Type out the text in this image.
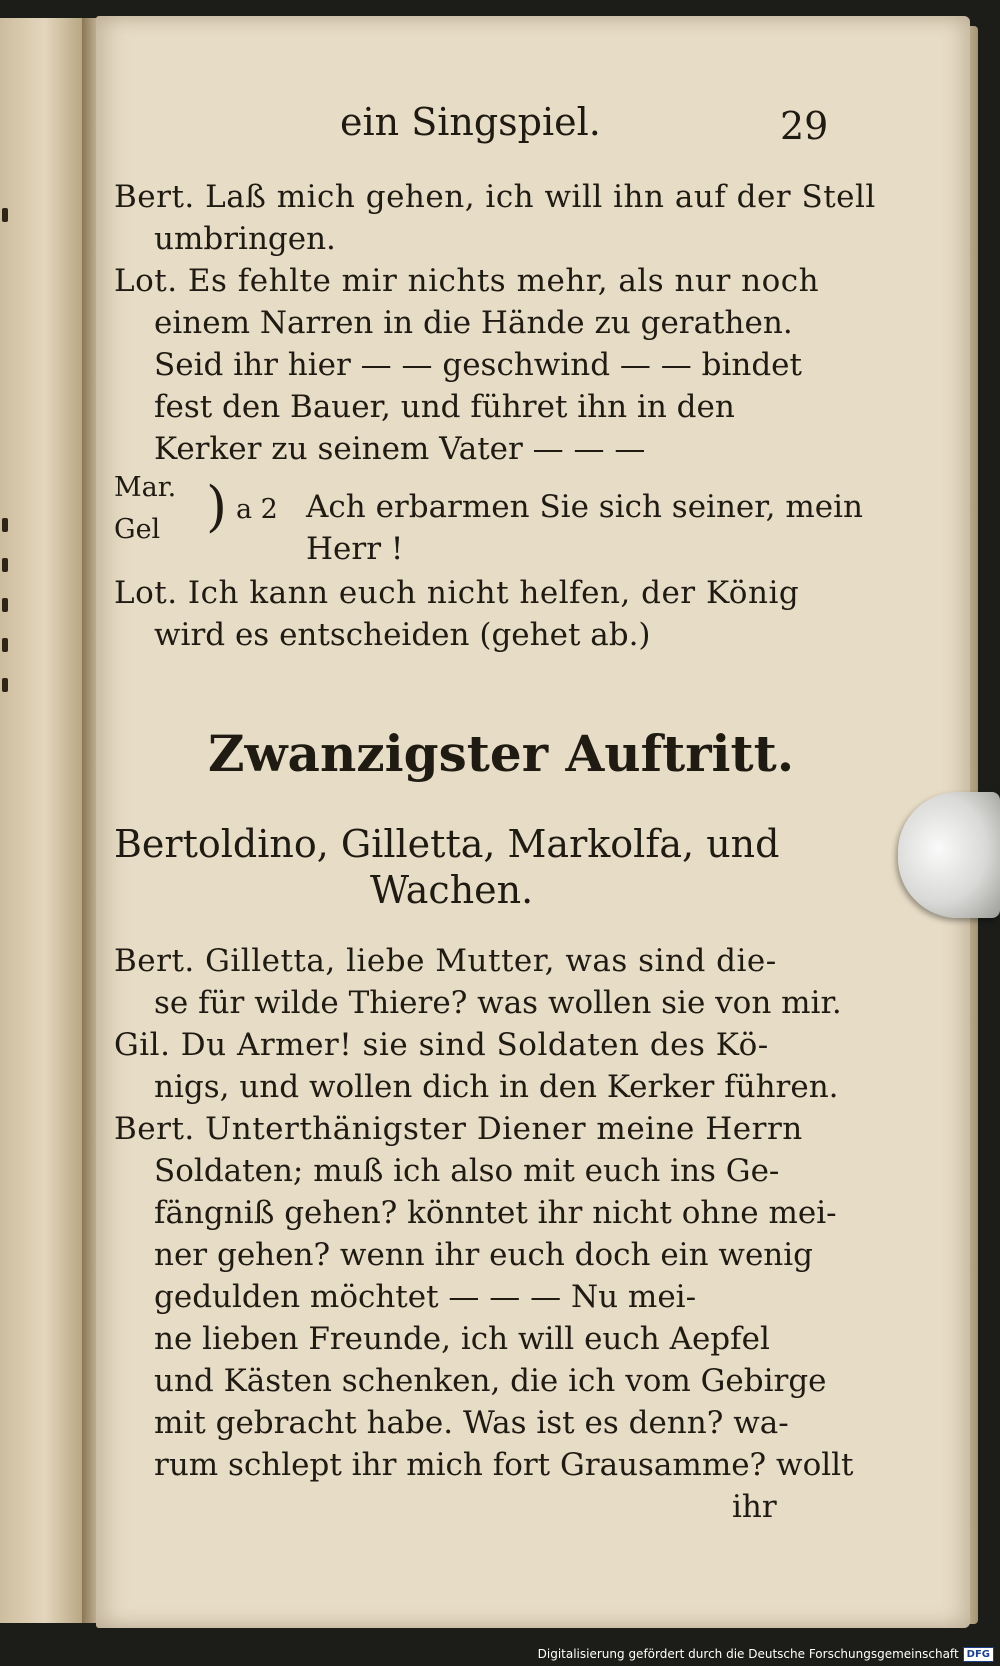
ein Singspiel.	29
Bert. Laß mich gehen, ich will ihn auf der Stell
umbringen.
Lot. Es fehlte mir nichts mehr, als nur noch
einem Narren in die Hände zu gerathen.
Seid ihr hier — — geschwind — — bindet
fest den Bauer, und führet ihn in den
Kerker zu seinem Vater — — —
Mar.
Gel ) a 2 Ach erbarmen Sie sich seiner, mein
Herr !
Lot. Ich kann euch nicht helfen, der König
wird es entscheiden (gehet ab.)
Zwanzigster Auftritt.
Bertoldino, Gilletta, Markolfa, und
Wachen.
Bert. Gilletta, liebe Mutter, was sind die-
se für wilde Thiere? was wollen sie von mir.
Gil. Du Armer! sie sind Soldaten des Kö-
nigs, und wollen dich in den Kerker führen.
Bert. Unterthänigster Diener meine Herrn
Soldaten; muß ich also mit euch ins Ge-
fängniß gehen? könntet ihr nicht ohne mei-
ner gehen? wenn ihr euch doch ein wenig
gedulden möchtet — — — Nu mei-
ne lieben Freunde, ich will euch Aepfel
und Kästen schenken, die ich vom Gebirge
mit gebracht habe. Was ist es denn? wa-
rum schlept ihr mich fort Grausamme? wollt
ihr
Digitalisierung gefördert durch die Deutsche Forschungsgemeinschaft DFG
